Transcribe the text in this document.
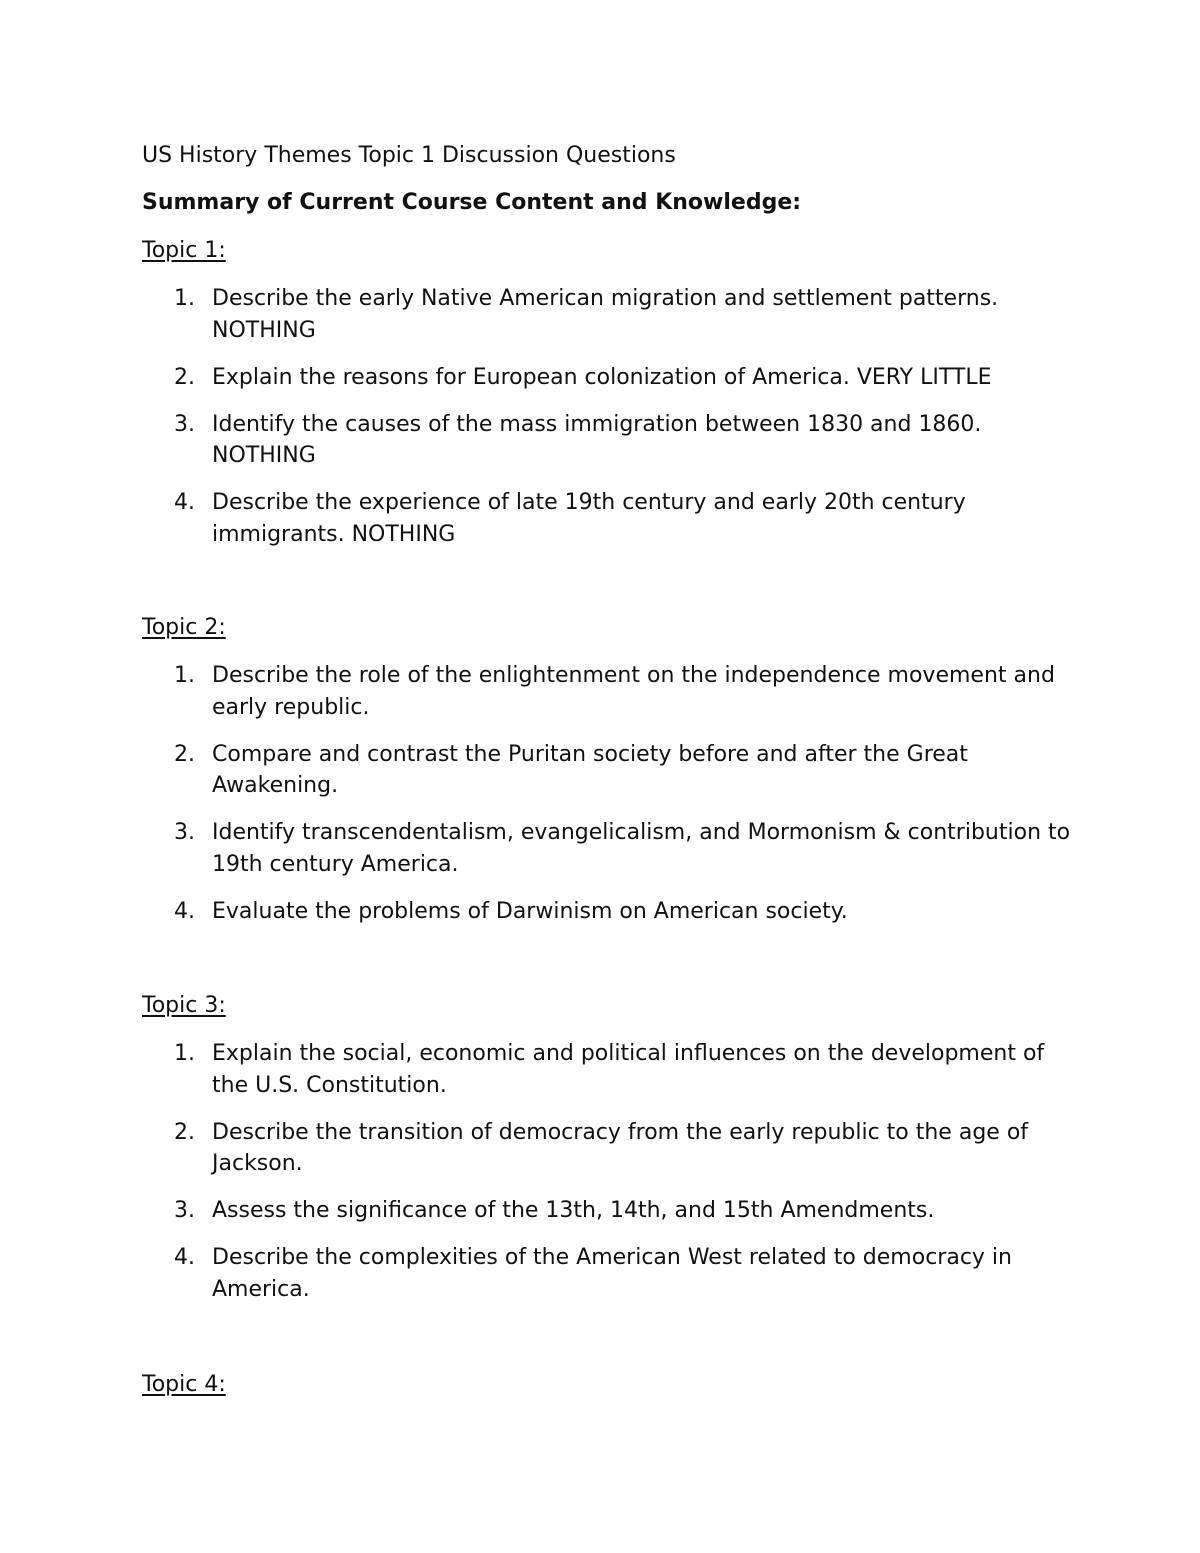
US History Themes Topic 1 Discussion Questions
Summary of Current Course Content and Knowledge:
Topic 1:
1. Describe the early Native American migration and settlement patterns. NOTHING
2. Explain the reasons for European colonization of America. VERY LITTLE
3. Identify the causes of the mass immigration between 1830 and 1860. NOTHING
4. Describe the experience of late 19th century and early 20th century immigrants. NOTHING
Topic 2:
1. Describe the role of the enlightenment on the independence movement and early republic.
2. Compare and contrast the Puritan society before and after the Great Awakening.
3. Identify transcendentalism, evangelicalism, and Mormonism & contribution to 19th century America.
4. Evaluate the problems of Darwinism on American society.
Topic 3:
1. Explain the social, economic and political influences on the development of the U.S. Constitution.
2. Describe the transition of democracy from the early republic to the age of Jackson.
3. Assess the significance of the 13th, 14th, and 15th Amendments.
4. Describe the complexities of the American West related to democracy in America.
Topic 4:
